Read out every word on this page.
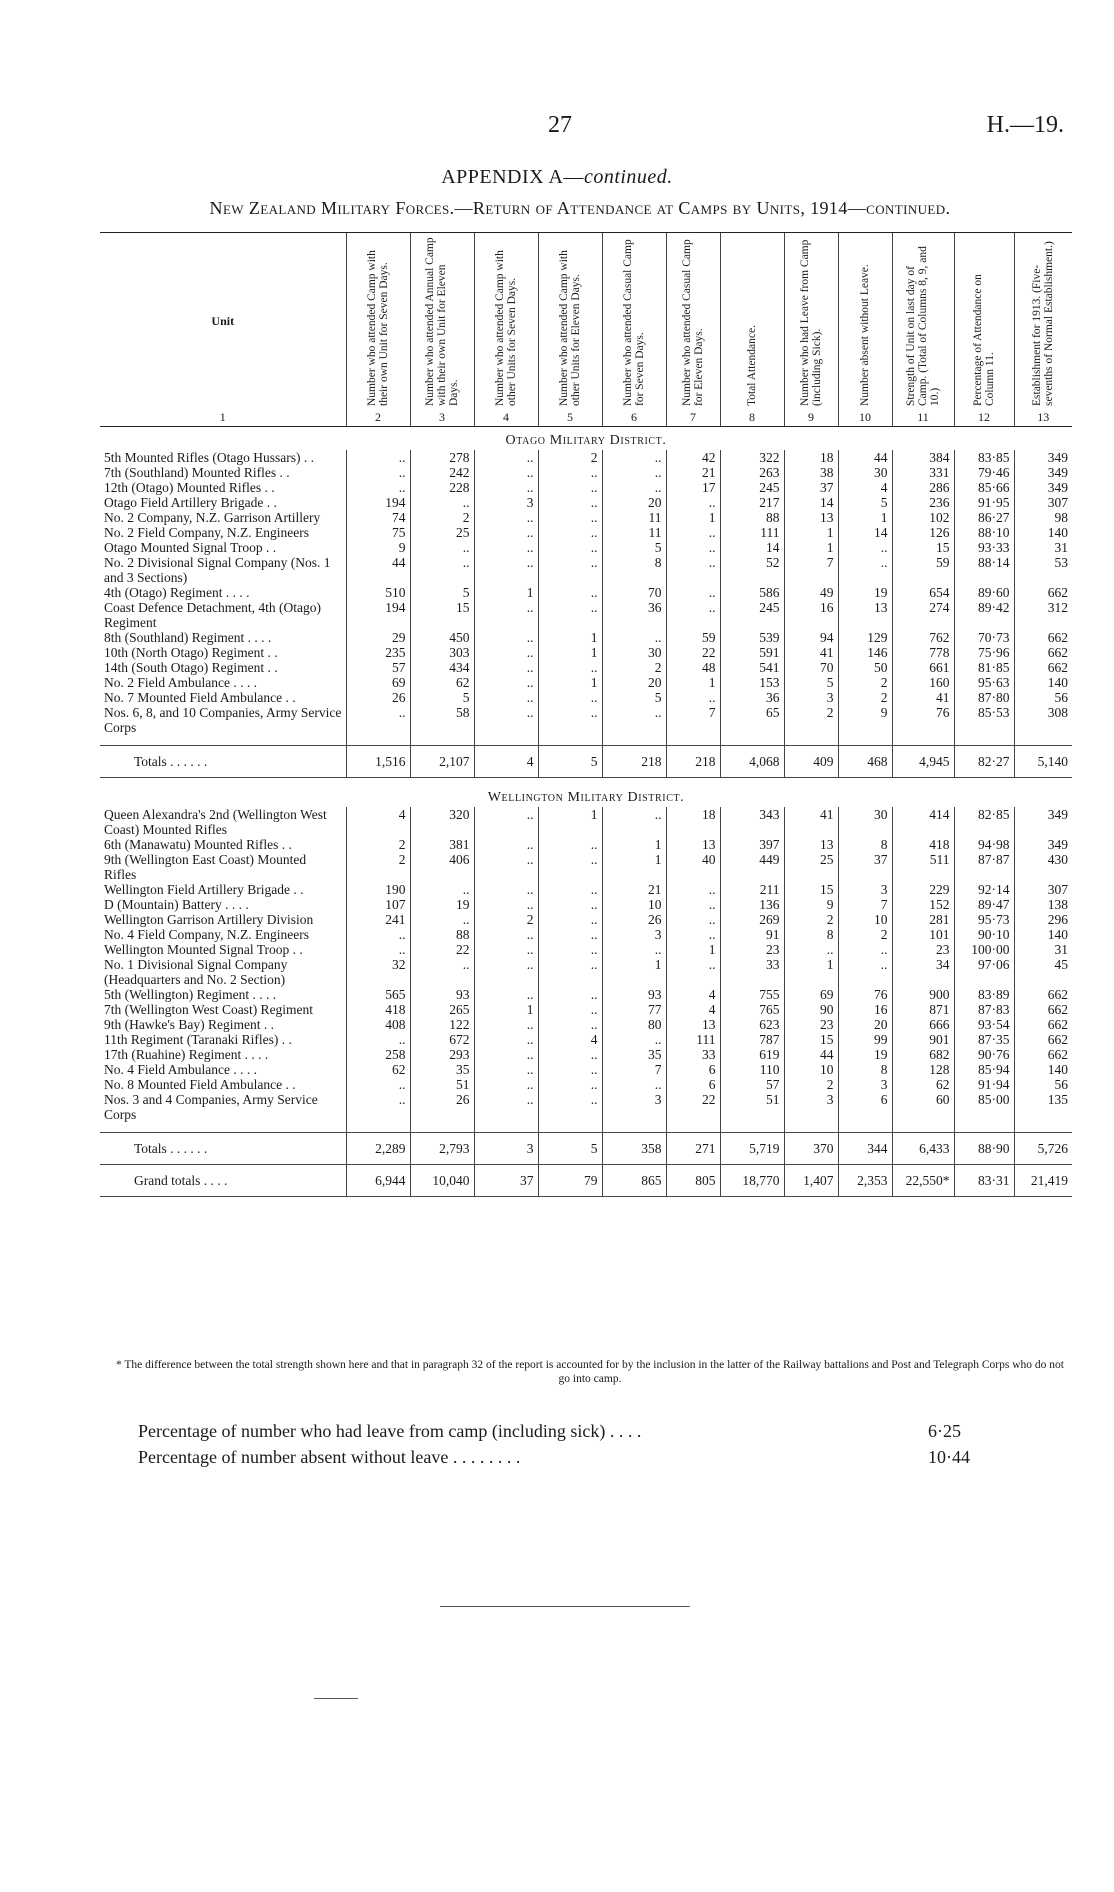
27	H.—19.
APPENDIX A—continued.
New Zealand Military Forces.—Return of Attendance at Camps by Units, 1914—continued.
Unit	Number who attended Camp with their own Unit for Seven Days.	Number who attended Annual Camp with their own Unit for Eleven Days.	Number who attended Camp with other Units for Seven Days.	Number who attended Camp with other Units for Eleven Days.	Number who attended Casual Camp for Seven Days.	Number who attended Casual Camp for Eleven Days.	Total Attendance.	Number who had Leave from Camp (including Sick).	Number absent without Leave.	Strength of Unit on last day of Camp. (Total of Columns 8, 9, and 10.)	Percentage of Attendance on Column 11.	Establishment for 1913. (Five-sevenths of Normal Establishment.)

1	2	3	4	5	6	7	8	9	10	11	12	13
Otago Military District.												
5th Mounted Rifles (Otago Hussars) . .	..	278	..	2	..	42	322	18	44	384	83·85	349
7th (Southland) Mounted Rifles . .	..	242	..	..	..	21	263	38	30	331	79·46	349
12th (Otago) Mounted Rifles . .	..	228	..	..	..	17	245	37	4	286	85·66	349
Otago Field Artillery Brigade . .	194	..	3	..	20	..	217	14	5	236	91·95	307
No. 2 Company, N.Z. Garrison Artillery	74	2	..	..	11	1	88	13	1	102	86·27	98
No. 2 Field Company, N.Z. Engineers	75	25	..	..	11	..	111	1	14	126	88·10	140
Otago Mounted Signal Troop . .	9	..	..	..	5	..	14	1	..	15	93·33	31
No. 2 Divisional Signal Company (Nos. 1 and 3 Sections)	44	..	..	..	8	..	52	7	..	59	88·14	53
4th (Otago) Regiment . . . .	510	5	1	..	70	..	586	49	19	654	89·60	662
Coast Defence Detachment, 4th (Otago) Regiment	194	15	..	..	36	..	245	16	13	274	89·42	312
8th (Southland) Regiment . . . .	29	450	..	1	..	59	539	94	129	762	70·73	662
10th (North Otago) Regiment . .	235	303	..	1	30	22	591	41	146	778	75·96	662
14th (South Otago) Regiment . .	57	434	..	..	2	48	541	70	50	661	81·85	662
No. 2 Field Ambulance . . . .	69	62	..	1	20	1	153	5	2	160	95·63	140
No. 7 Mounted Field Ambulance . .	26	5	..	..	5	..	36	3	2	41	87·80	56
Nos. 6, 8, and 10 Companies, Army Service Corps	..	58	..	..	..	7	65	2	9	76	85·53	308

Totals . . . . . .	1,516	2,107	4	5	218	218	4,068	409	468	4,945	82·27	5,140

Wellington Military District.												
Queen Alexandra's 2nd (Wellington West Coast) Mounted Rifles	4	320	..	1	..	18	343	41	30	414	82·85	349
6th (Manawatu) Mounted Rifles . .	2	381	..	..	1	13	397	13	8	418	94·98	349
9th (Wellington East Coast) Mounted Rifles	2	406	..	..	1	40	449	25	37	511	87·87	430
Wellington Field Artillery Brigade . .	190	..	..	..	21	..	211	15	3	229	92·14	307
D (Mountain) Battery . . . .	107	19	..	..	10	..	136	9	7	152	89·47	138
Wellington Garrison Artillery Division	241	..	2	..	26	..	269	2	10	281	95·73	296
No. 4 Field Company, N.Z. Engineers	..	88	..	..	3	..	91	8	2	101	90·10	140
Wellington Mounted Signal Troop . .	..	22	..	..	..	1	23	..	..	23	100·00	31
No. 1 Divisional Signal Company (Headquarters and No. 2 Section)	32	..	..	..	1	..	33	1	..	34	97·06	45
5th (Wellington) Regiment . . . .	565	93	..	..	93	4	755	69	76	900	83·89	662
7th (Wellington West Coast) Regiment	418	265	1	..	77	4	765	90	16	871	87·83	662
9th (Hawke's Bay) Regiment . .	408	122	..	..	80	13	623	23	20	666	93·54	662
11th Regiment (Taranaki Rifles) . .	..	672	..	4	..	111	787	15	99	901	87·35	662
17th (Ruahine) Regiment . . . .	258	293	..	..	35	33	619	44	19	682	90·76	662
No. 4 Field Ambulance . . . .	62	35	..	..	7	6	110	10	8	128	85·94	140
No. 8 Mounted Field Ambulance . .	..	51	..	..	..	6	57	2	3	62	91·94	56
Nos. 3 and 4 Companies, Army Service Corps	..	26	..	..	3	22	51	3	6	60	85·00	135

Totals . . . . . .	2,289	2,793	3	5	358	271	5,719	370	344	6,433	88·90	5,726
Grand totals . . . .	6,944	10,040	37	79	865	805	18,770	1,407	2,353	22,550*	83·31	21,419
* The difference between the total strength shown here and that in paragraph 32 of the report is accounted for by the inclusion in the latter of the Railway battalions and Post and Telegraph Corps who do not go into camp.
Percentage of number who had leave from camp (including sick) . . . .	6·25
Percentage of number absent without leave . . . . . . . .	10·44
